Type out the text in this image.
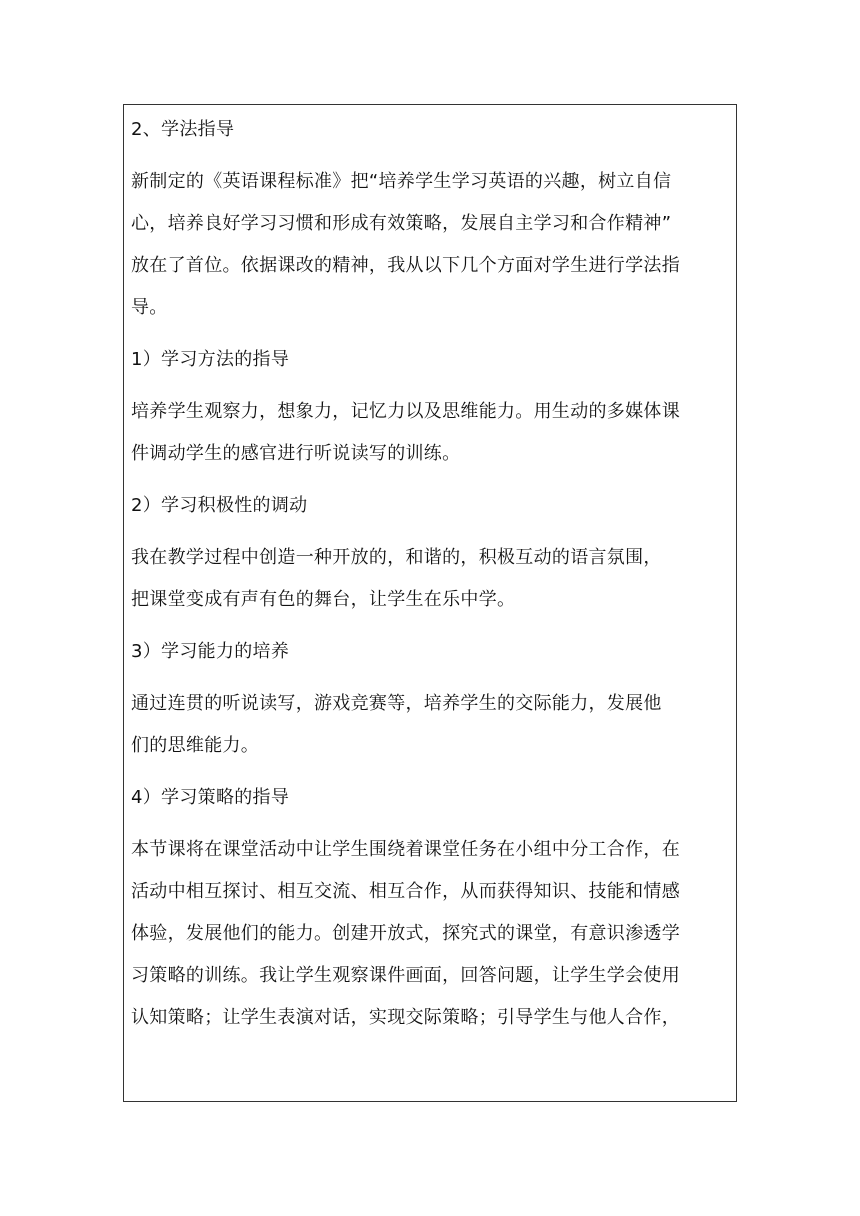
2、学法指导
新制定的《英语课程标准》把“培养学生学习英语的兴趣，树立自信
心，培养良好学习习惯和形成有效策略，发展自主学习和合作精神”
放在了首位。依据课改的精神，我从以下几个方面对学生进行学法指
导。
1）学习方法的指导
培养学生观察力，想象力，记忆力以及思维能力。用生动的多媒体课
件调动学生的感官进行听说读写的训练。
2）学习积极性的调动
我在教学过程中创造一种开放的，和谐的，积极互动的语言氛围，
把课堂变成有声有色的舞台，让学生在乐中学。
3）学习能力的培养
通过连贯的听说读写，游戏竞赛等，培养学生的交际能力，发展他
们的思维能力。
4）学习策略的指导
本节课将在课堂活动中让学生围绕着课堂任务在小组中分工合作，在
活动中相互探讨、相互交流、相互合作，从而获得知识、技能和情感
体验，发展他们的能力。创建开放式，探究式的课堂，有意识渗透学
习策略的训练。我让学生观察课件画面，回答问题，让学生学会使用
认知策略；让学生表演对话，实现交际策略；引导学生与他人合作，
